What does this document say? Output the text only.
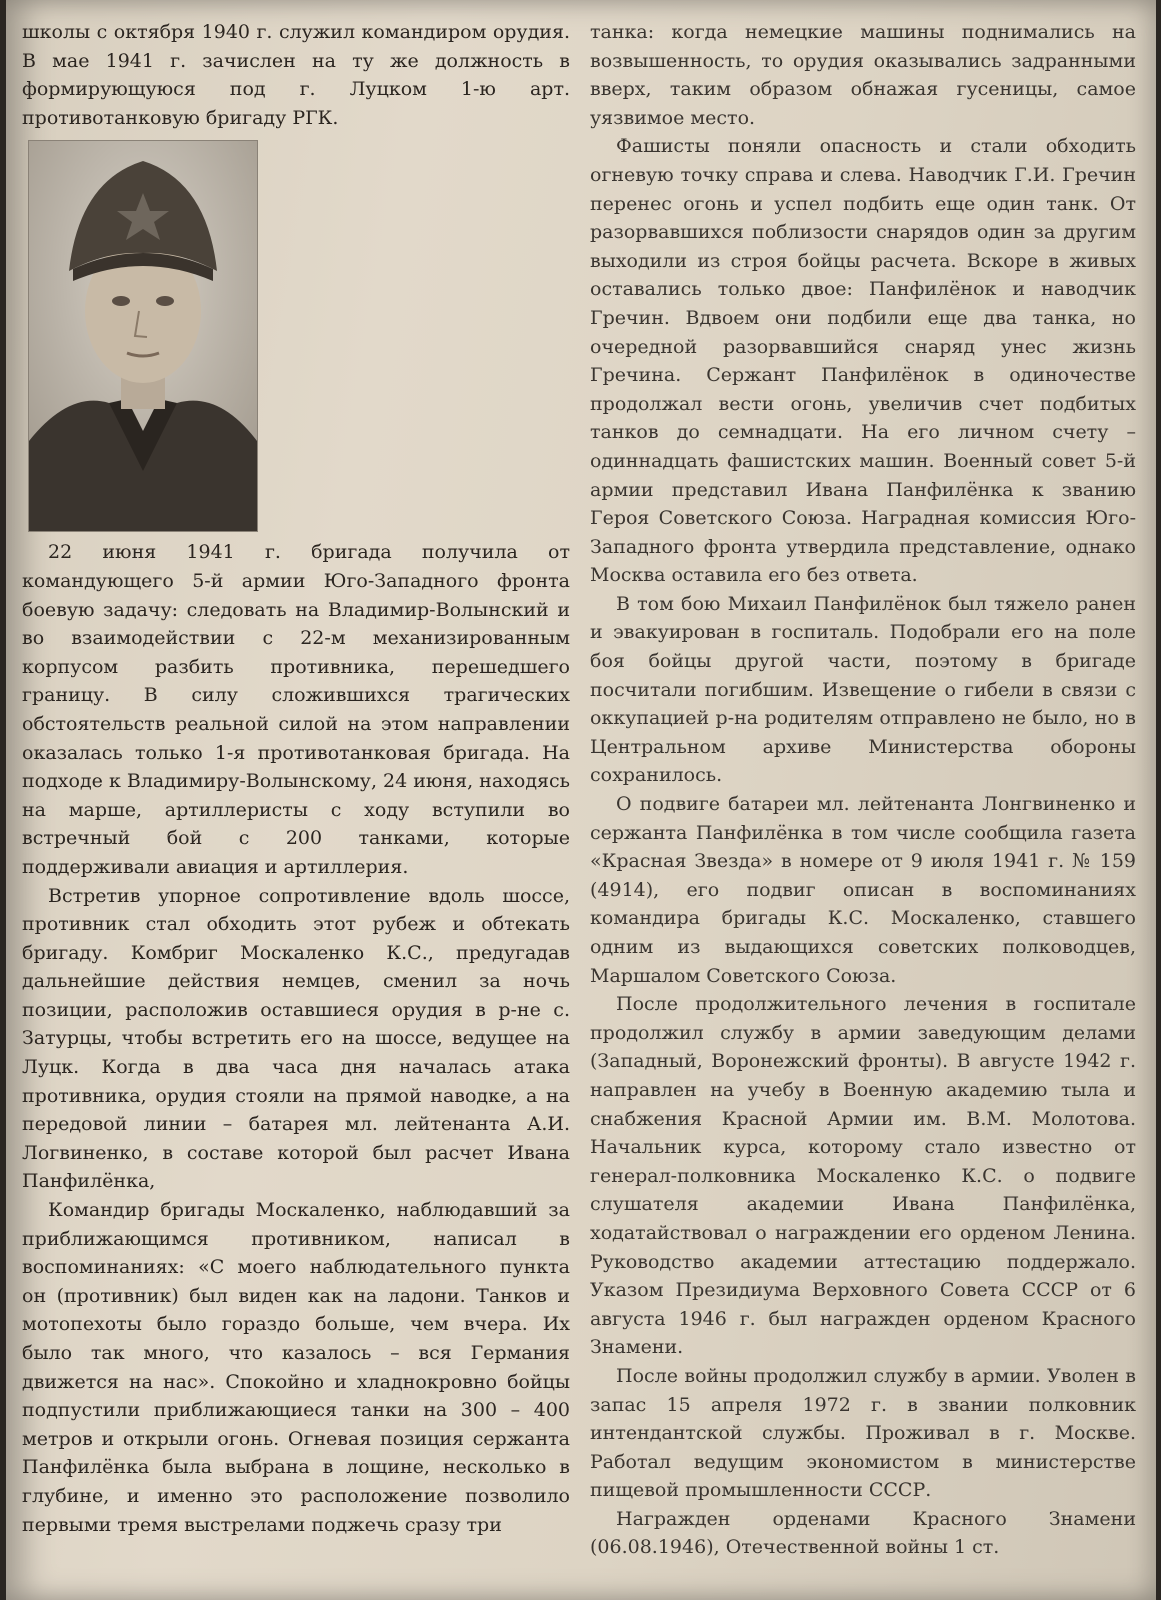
школы с октября 1940 г. служил командиром орудия. В мае 1941 г. зачислен на ту же должность в формирующуюся под г. Луцком 1-ю арт. противотанковую бригаду РГК.

22 июня 1941 г. бригада получила от командующего 5-й армии Юго-Западного фронта боевую задачу: следовать на Владимир-Волынский и во взаимодействии с 22-м механизированным корпусом разбить противника, перешедшего границу. В силу сложившихся трагических обстоятельств реальной силой на этом направлении оказалась только 1-я противотанковая бригада. На подходе к Владимиру-Волынскому, 24 июня, находясь на марше, артиллеристы с ходу вступили во встречный бой с 200 танками, которые поддерживали авиация и артиллерия.

Встретив упорное сопротивление вдоль шоссе, противник стал обходить этот рубеж и обтекать бригаду. Комбриг Москаленко К.С., предугадав дальнейшие действия немцев, сменил за ночь позиции, расположив оставшиеся орудия в р-не с. Затурцы, чтобы встретить его на шоссе, ведущее на Луцк. Когда в два часа дня началась атака противника, орудия стояли на прямой наводке, а на передовой линии – батарея мл. лейтенанта А.И. Логвиненко, в составе которой был расчет Ивана Панфилёнка,

Командир бригады Москаленко, наблюдавший за приближающимся противником, написал в воспоминаниях: «С моего наблюдательного пункта он (противник) был виден как на ладони. Танков и мотопехоты было гораздо больше, чем вчера. Их было так много, что казалось – вся Германия движется на нас». Спокойно и хладнокровно бойцы подпустили приближающиеся танки на 300 – 400 метров и открыли огонь. Огневая позиция сержанта Панфилёнка была выбрана в лощине, несколько в глубине, и именно это расположение позволило первыми тремя выстрелами поджечь сразу три

танка: когда немецкие машины поднимались на возвышенность, то орудия оказывались задранными вверх, таким образом обнажая гусеницы, самое уязвимое место.

Фашисты поняли опасность и стали обходить огневую точку справа и слева. Наводчик Г.И. Гречин перенес огонь и успел подбить еще один танк. От разорвавшихся поблизости снарядов один за другим выходили из строя бойцы расчета. Вскоре в живых оставались только двое: Панфилёнок и наводчик Гречин. Вдвоем они подбили еще два танка, но очередной разорвавшийся снаряд унес жизнь Гречина. Сержант Панфилёнок в одиночестве продолжал вести огонь, увеличив счет подбитых танков до семнадцати. На его личном счету – одиннадцать фашистских машин. Военный совет 5-й армии представил Ивана Панфилёнка к званию Героя Советского Союза. Наградная комиссия Юго-Западного фронта утвердила представление, однако Москва оставила его без ответа.

В том бою Михаил Панфилёнок был тяжело ранен и эвакуирован в госпиталь. Подобрали его на поле боя бойцы другой части, поэтому в бригаде посчитали погибшим. Извещение о гибели в связи с оккупацией р-на родителям отправлено не было, но в Центральном архиве Министерства обороны сохранилось.

О подвиге батареи мл. лейтенанта Лонгвиненко и сержанта Панфилёнка в том числе сообщила газета «Красная Звезда» в номере от 9 июля 1941 г. № 159 (4914), его подвиг описан в воспоминаниях командира бригады К.С. Москаленко, ставшего одним из выдающихся советских полководцев, Маршалом Советского Союза.

После продолжительного лечения в госпитале продолжил службу в армии заведующим делами (Западный, Воронежский фронты). В августе 1942 г. направлен на учебу в Военную академию тыла и снабжения Красной Армии им. В.М. Молотова. Начальник курса, которому стало известно от генерал-полковника Москаленко К.С. о подвиге слушателя академии Ивана Панфилёнка, ходатайствовал о награждении его орденом Ленина. Руководство академии аттестацию поддержало. Указом Президиума Верховного Совета СССР от 6 августа 1946 г. был награжден орденом Красного Знамени.

После войны продолжил службу в армии. Уволен в запас 15 апреля 1972 г. в звании полковник интендантской службы. Проживал в г. Москве. Работал ведущим экономистом в министерстве пищевой промышленности СССР.

Награжден орденами Красного Знамени (06.08.1946), Отечественной войны 1 ст.
